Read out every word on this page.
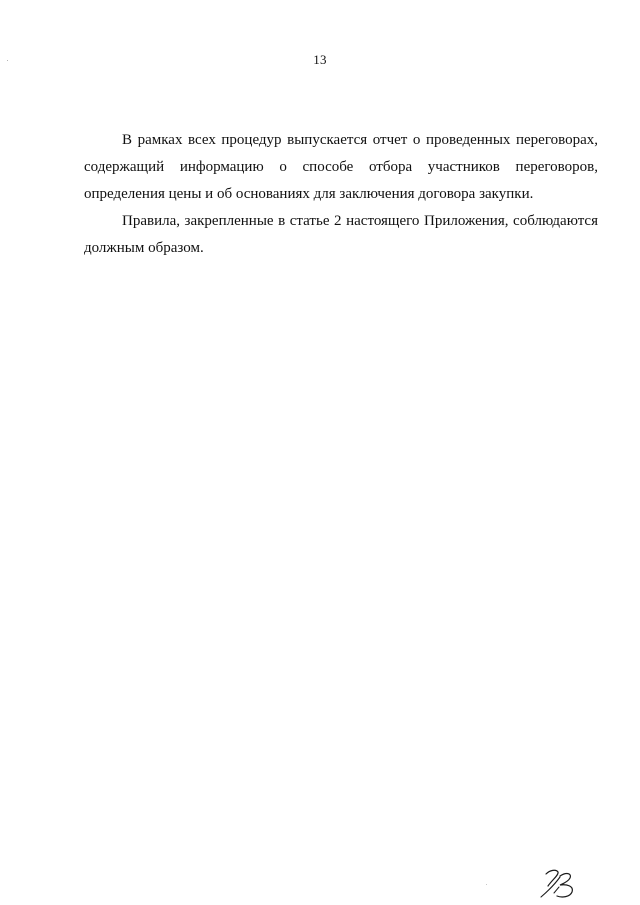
13

В рамках всех процедур выпускается отчет о проведенных переговорах, содержащий информацию о способе отбора участников переговоров, определения цены и об основаниях для заключения договора закупки.

Правила, закрепленные в статье 2 настоящего Приложения, соблюдаются должным образом.
